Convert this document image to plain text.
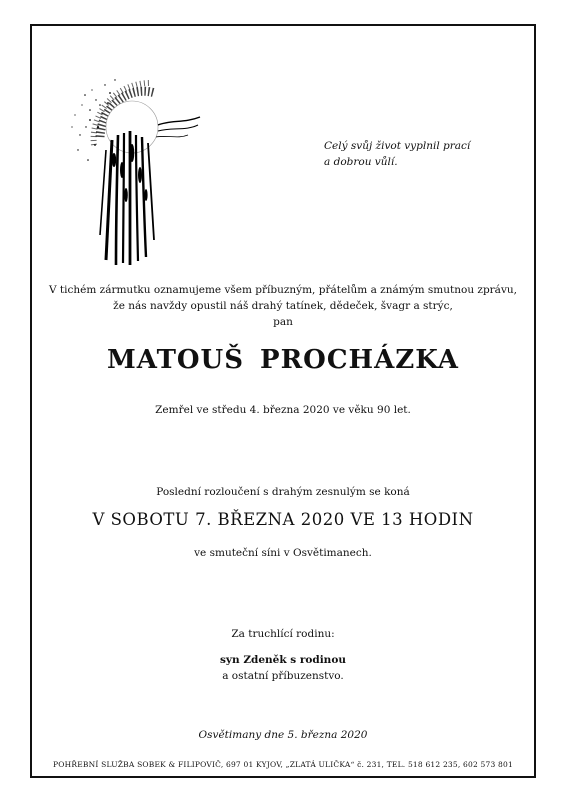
Celý svůj život vyplnil prací
a dobrou vůlí.
V tichém zármutku oznamujeme všem příbuzným, přátelům a známým smutnou zprávu,
že nás navždy opustil náš drahý tatínek, dědeček, švagr a strýc,
pan
MATOUŠ PROCHÁZKA
Zemřel ve středu 4. března 2020 ve věku 90 let.
Poslední rozloučení s drahým zesnulým se koná
V SOBOTU 7. BŘEZNA 2020 VE 13 HODIN
ve smuteční síni v Osvětimanech.
Za truchlící rodinu:
syn Zdeněk s rodinou
a ostatní příbuzenstvo.
Osvětimany dne 5. března 2020
POHŘEBNÍ SLUŽBA SOBEK & FILIPOVIČ, 697 01 KYJOV, „ZLATÁ ULIČKA“ č. 231, TEL. 518 612 235, 602 573 801
